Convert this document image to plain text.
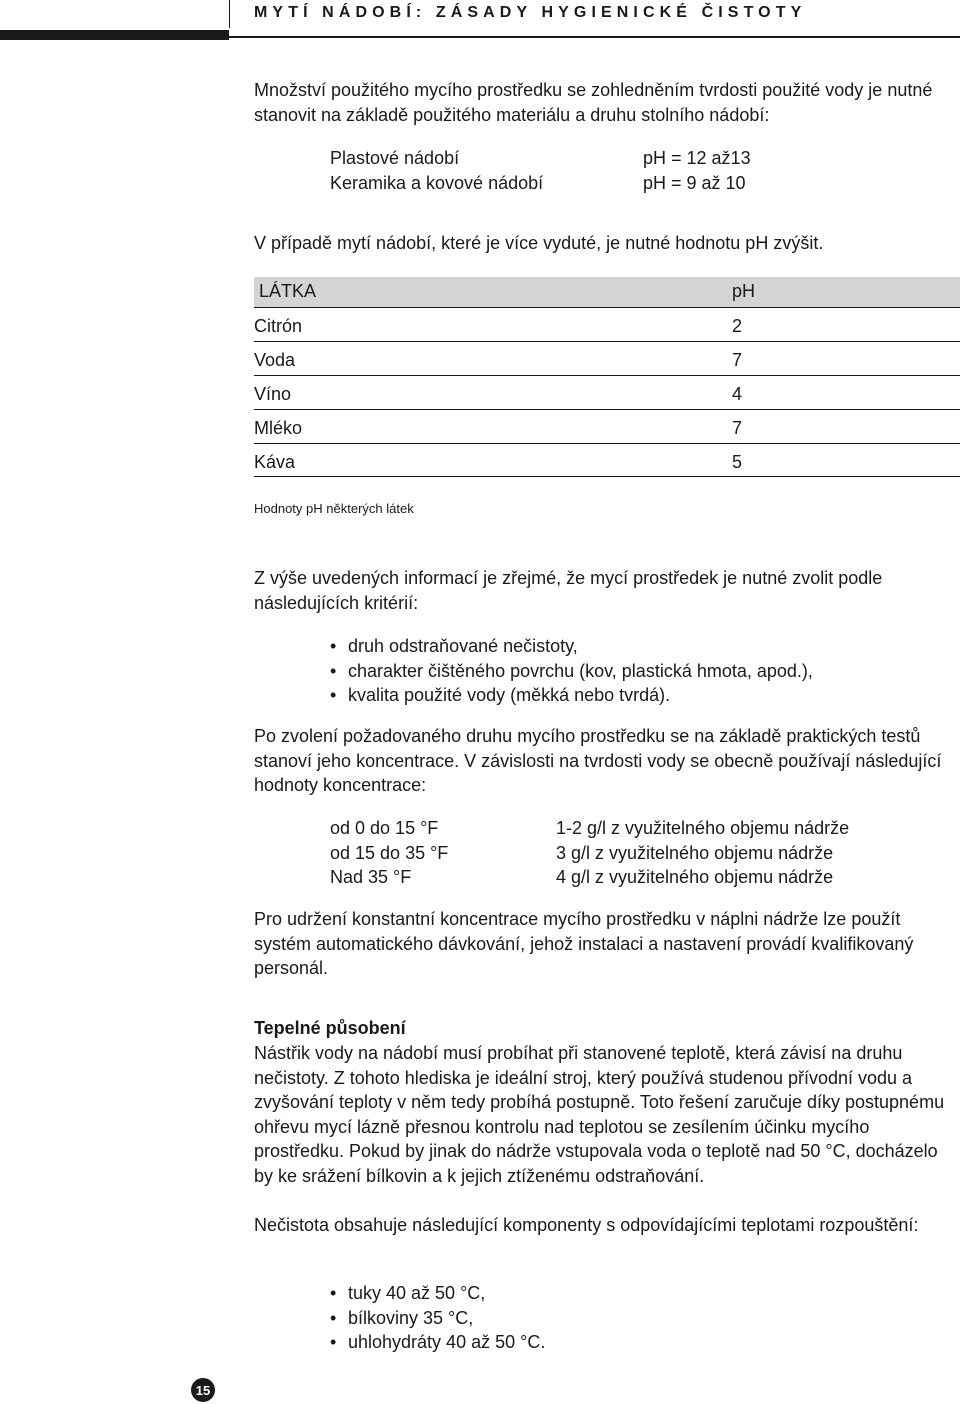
MYTÍ NÁDOBÍ: ZÁSADY HYGIENICKÉ ČISTOTY

Množství použitého mycího prostředku se zohledněním tvrdosti použité vody je nutné stanovit na základě použitého materiálu a druhu stolního nádobí:

Plastové nádobí	pH = 12 až13
Keramika a kovové nádobí	pH = 9 až 10

V případě mytí nádobí, které je více vyduté, je nutné hodnotu pH zvýšit.

LÁTKA	pH
Citrón	2
Voda	7
Víno	4
Mléko	7
Káva	5
Hodnoty pH některých látek

Z výše uvedených informací je zřejmé, že mycí prostředek je nutné zvolit podle následujících kritérií:

• druh odstraňované nečistoty,
• charakter čištěného povrchu (kov, plastická hmota, apod.),
• kvalita použité vody (měkká nebo tvrdá).

Po zvolení požadovaného druhu mycího prostředku se na základě praktických testů stanoví jeho koncentrace. V závislosti na tvrdosti vody se obecně používají následující hodnoty koncentrace:

od 0 do 15 °F	1-2 g/l z využitelného objemu nádrže
od 15 do 35 °F	3 g/l z využitelného objemu nádrže
Nad 35 °F	4 g/l z využitelného objemu nádrže

Pro udržení konstantní koncentrace mycího prostředku v náplni nádrže lze použít systém automatického dávkování, jehož instalaci a nastavení provádí kvalifikovaný personál.

Tepelné působení

Nástřik vody na nádobí musí probíhat při stanovené teplotě, která závisí na druhu nečistoty. Z tohoto hlediska je ideální stroj, který používá studenou přívodní vodu a zvyšování teploty v něm tedy probíhá postupně. Toto řešení zaručuje díky postupnému ohřevu mycí lázně přesnou kontrolu nad teplotou se zesílením účinku mycího prostředku. Pokud by jinak do nádrže vstupovala voda o teplotě nad 50 °C, docházelo by ke srážení bílkovin a k jejich ztíženému odstraňování.

Nečistota obsahuje následující komponenty s odpovídajícími teplotami rozpouštění:

• tuky 40 až 50 °C,
• bílkoviny 35 °C,
• uhlohydráty 40 až 50 °C.
15
